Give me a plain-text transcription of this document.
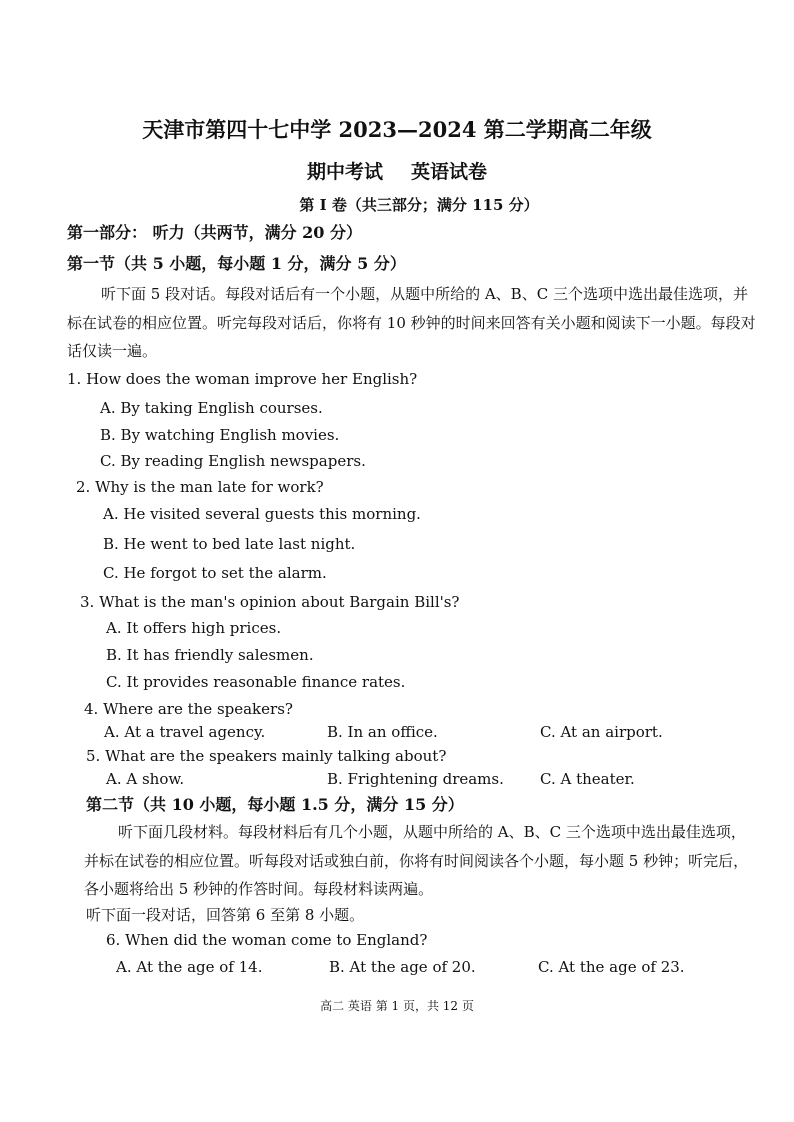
天津市第四十七中学 2023—2024 第二学期高二年级
期中考试 英语试卷
第 I 卷（共三部分；满分 115 分）
第一部分： 听力（共两节，满分 20 分）
第一节（共 5 小题，每小题 1 分，满分 5 分）
听下面 5 段对话。每段对话后有一个小题，从题中所给的 A、B、C 三个选项中选出最佳选项，并标在试卷的相应位置。听完每段对话后，你将有 10 秒钟的时间来回答有关小题和阅读下一小题。每段对话仅读一遍。
1. How does the woman improve her English?
A. By taking English courses.
B. By watching English movies.
C. By reading English newspapers.
2. Why is the man late for work?
A. He visited several guests this morning.
B. He went to bed late last night.
C. He forgot to set the alarm.
3. What is the man's opinion about Bargain Bill's?
A. It offers high prices.
B. It has friendly salesmen.
C. It provides reasonable finance rates.
4. Where are the speakers?
A. At a travel agency.	B. In an office.	C. At an airport.
5. What are the speakers mainly talking about?
A. A show.	B. Frightening dreams. C. A theater.
第二节（共 10 小题，每小题 1.5 分，满分 15 分）
听下面几段材料。每段材料后有几个小题，从题中所给的 A、B、C 三个选项中选出最佳选项，并标在试卷的相应位置。听每段对话或独白前，你将有时间阅读各个小题，每小题 5 秒钟；听完后，各小题将给出 5 秒钟的作答时间。每段材料读两遍。
听下面一段对话，回答第 6 至第 8 小题。
6. When did the woman come to England?
A. At the age of 14.	B. At the age of 20.	C. At the age of 23.
高二 英语 第 1 页，共 12 页
